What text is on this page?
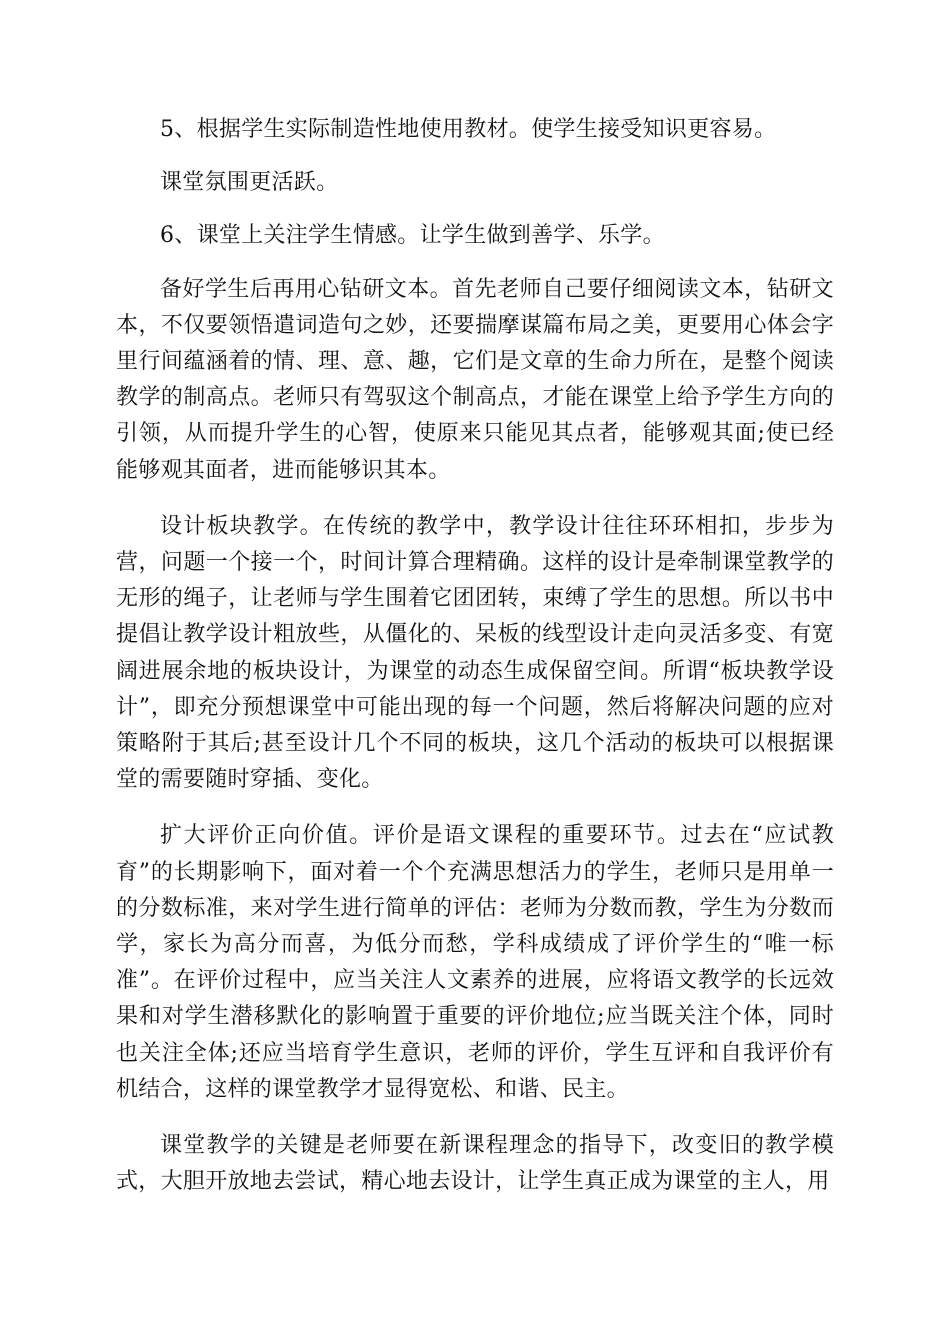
5、根据学生实际制造性地使用教材。使学生接受知识更容易。

课堂氛围更活跃。

6、课堂上关注学生情感。让学生做到善学、乐学。

备好学生后再用心钻研文本。首先老师自己要仔细阅读文本，钻研文本，不仅要领悟遣词造句之妙，还要揣摩谋篇布局之美，更要用心体会字里行间蕴涵着的情、理、意、趣，它们是文章的生命力所在，是整个阅读教学的制高点。老师只有驾驭这个制高点，才能在课堂上给予学生方向的引领，从而提升学生的心智，使原来只能见其点者，能够观其面;使已经能够观其面者，进而能够识其本。

设计板块教学。在传统的教学中，教学设计往往环环相扣，步步为营，问题一个接一个，时间计算合理精确。这样的设计是牵制课堂教学的无形的绳子，让老师与学生围着它团团转，束缚了学生的思想。所以书中提倡让教学设计粗放些，从僵化的、呆板的线型设计走向灵活多变、有宽阔进展余地的板块设计，为课堂的动态生成保留空间。所谓“板块教学设计”，即充分预想课堂中可能出现的每一个问题，然后将解决问题的应对策略附于其后;甚至设计几个不同的板块，这几个活动的板块可以根据课堂的需要随时穿插、变化。

扩大评价正向价值。评价是语文课程的重要环节。过去在“应试教育”的长期影响下，面对着一个个充满思想活力的学生，老师只是用单一的分数标准，来对学生进行简单的评估：老师为分数而教，学生为分数而学，家长为高分而喜，为低分而愁，学科成绩成了评价学生的“唯一标准”。在评价过程中，应当关注人文素养的进展，应将语文教学的长远效果和对学生潜移默化的影响置于重要的评价地位;应当既关注个体，同时也关注全体;还应当培育学生意识，老师的评价，学生互评和自我评价有机结合，这样的课堂教学才显得宽松、和谐、民主。

课堂教学的关键是老师要在新课程理念的指导下，改变旧的教学模式，大胆开放地去尝试，精心地去设计，让学生真正成为课堂的主人，用
